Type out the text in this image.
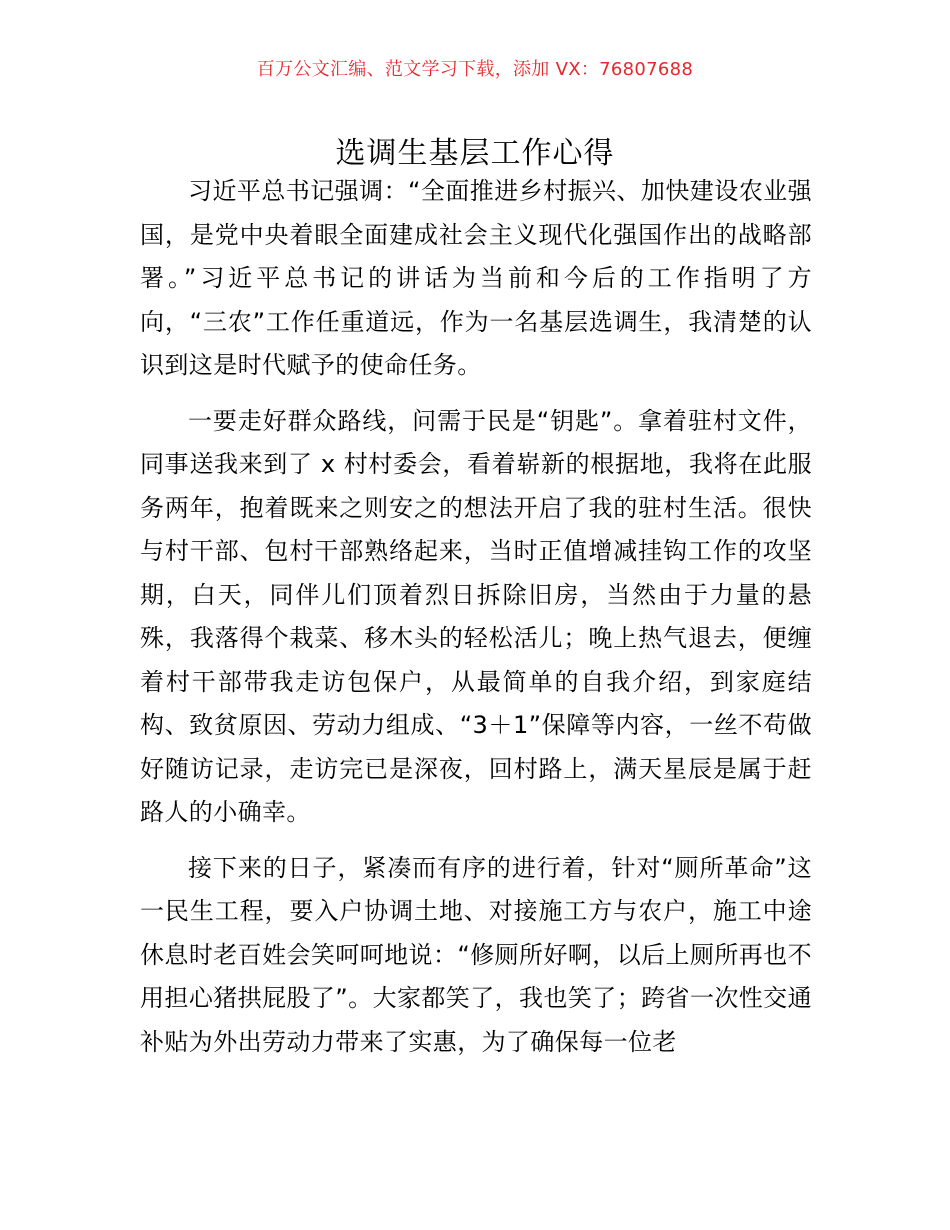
百万公文汇编、范文学习下载，添加 VX：76807688
选调生基层工作心得

习近平总书记强调：“全面推进乡村振兴、加快建设农业强国，是党中央着眼全面建成社会主义现代化强国作出的战略部署。”习近平总书记的讲话为当前和今后的工作指明了方向，“三农”工作任重道远，作为一名基层选调生，我清楚的认识到这是时代赋予的使命任务。

一要走好群众路线，问需于民是“钥匙”。拿着驻村文件，同事送我来到了 x 村村委会，看着崭新的根据地，我将在此服务两年，抱着既来之则安之的想法开启了我的驻村生活。很快与村干部、包村干部熟络起来，当时正值增减挂钩工作的攻坚期，白天，同伴儿们顶着烈日拆除旧房，当然由于力量的悬殊，我落得个栽菜、移木头的轻松活儿；晚上热气退去，便缠着村干部带我走访包保户，从最简单的自我介绍，到家庭结构、致贫原因、劳动力组成、“3＋1”保障等内容，一丝不苟做好随访记录，走访完已是深夜，回村路上，满天星辰是属于赶路人的小确幸。

接下来的日子，紧凑而有序的进行着，针对“厕所革命”这一民生工程，要入户协调土地、对接施工方与农户，施工中途休息时老百姓会笑呵呵地说：“修厕所好啊，以后上厕所再也不用担心猪拱屁股了”。大家都笑了，我也笑了；跨省一次性交通补贴为外出劳动力带来了实惠，为了确保每一位老
